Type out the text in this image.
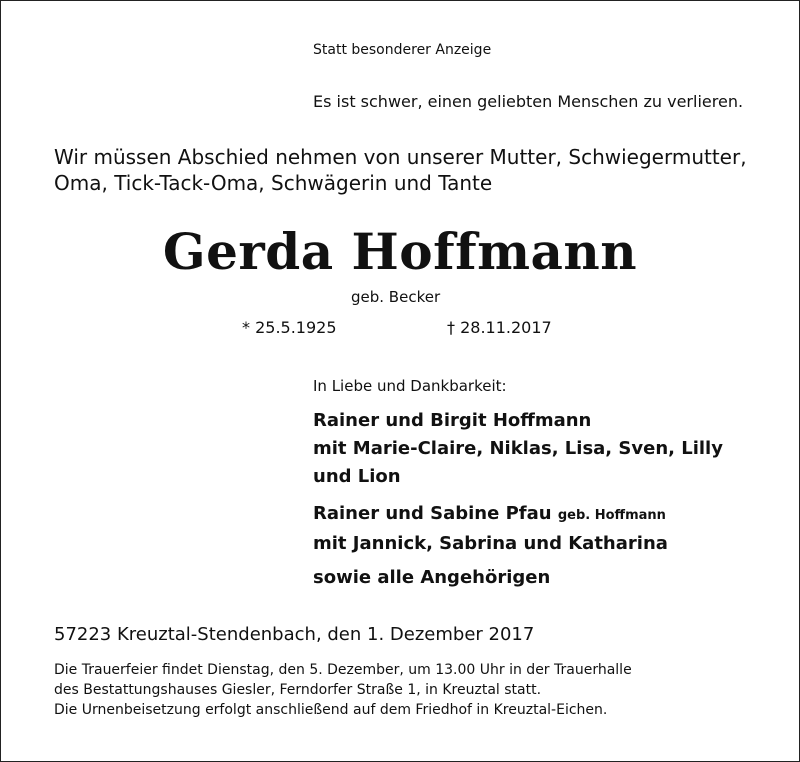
Statt besonderer Anzeige
Es ist schwer, einen geliebten Menschen zu verlieren.
Wir müssen Abschied nehmen von unserer Mutter, Schwiegermutter,
Oma, Tick-Tack-Oma, Schwägerin und Tante
Gerda Hoffmann
geb. Becker
* 25.5.1925	† 28.11.2017
In Liebe und Dankbarkeit:
Rainer und Birgit Hoffmann
mit Marie-Claire, Niklas, Lisa, Sven, Lilly
und Lion
Rainer und Sabine Pfau geb. Hoffmann
mit Jannick, Sabrina und Katharina
sowie alle Angehörigen
57223 Kreuztal-Stendenbach, den 1. Dezember 2017
Die Trauerfeier findet Dienstag, den 5. Dezember, um 13.00 Uhr in der Trauerhalle
des Bestattungshauses Giesler, Ferndorfer Straße 1, in Kreuztal statt.
Die Urnenbeisetzung erfolgt anschließend auf dem Friedhof in Kreuztal-Eichen.
